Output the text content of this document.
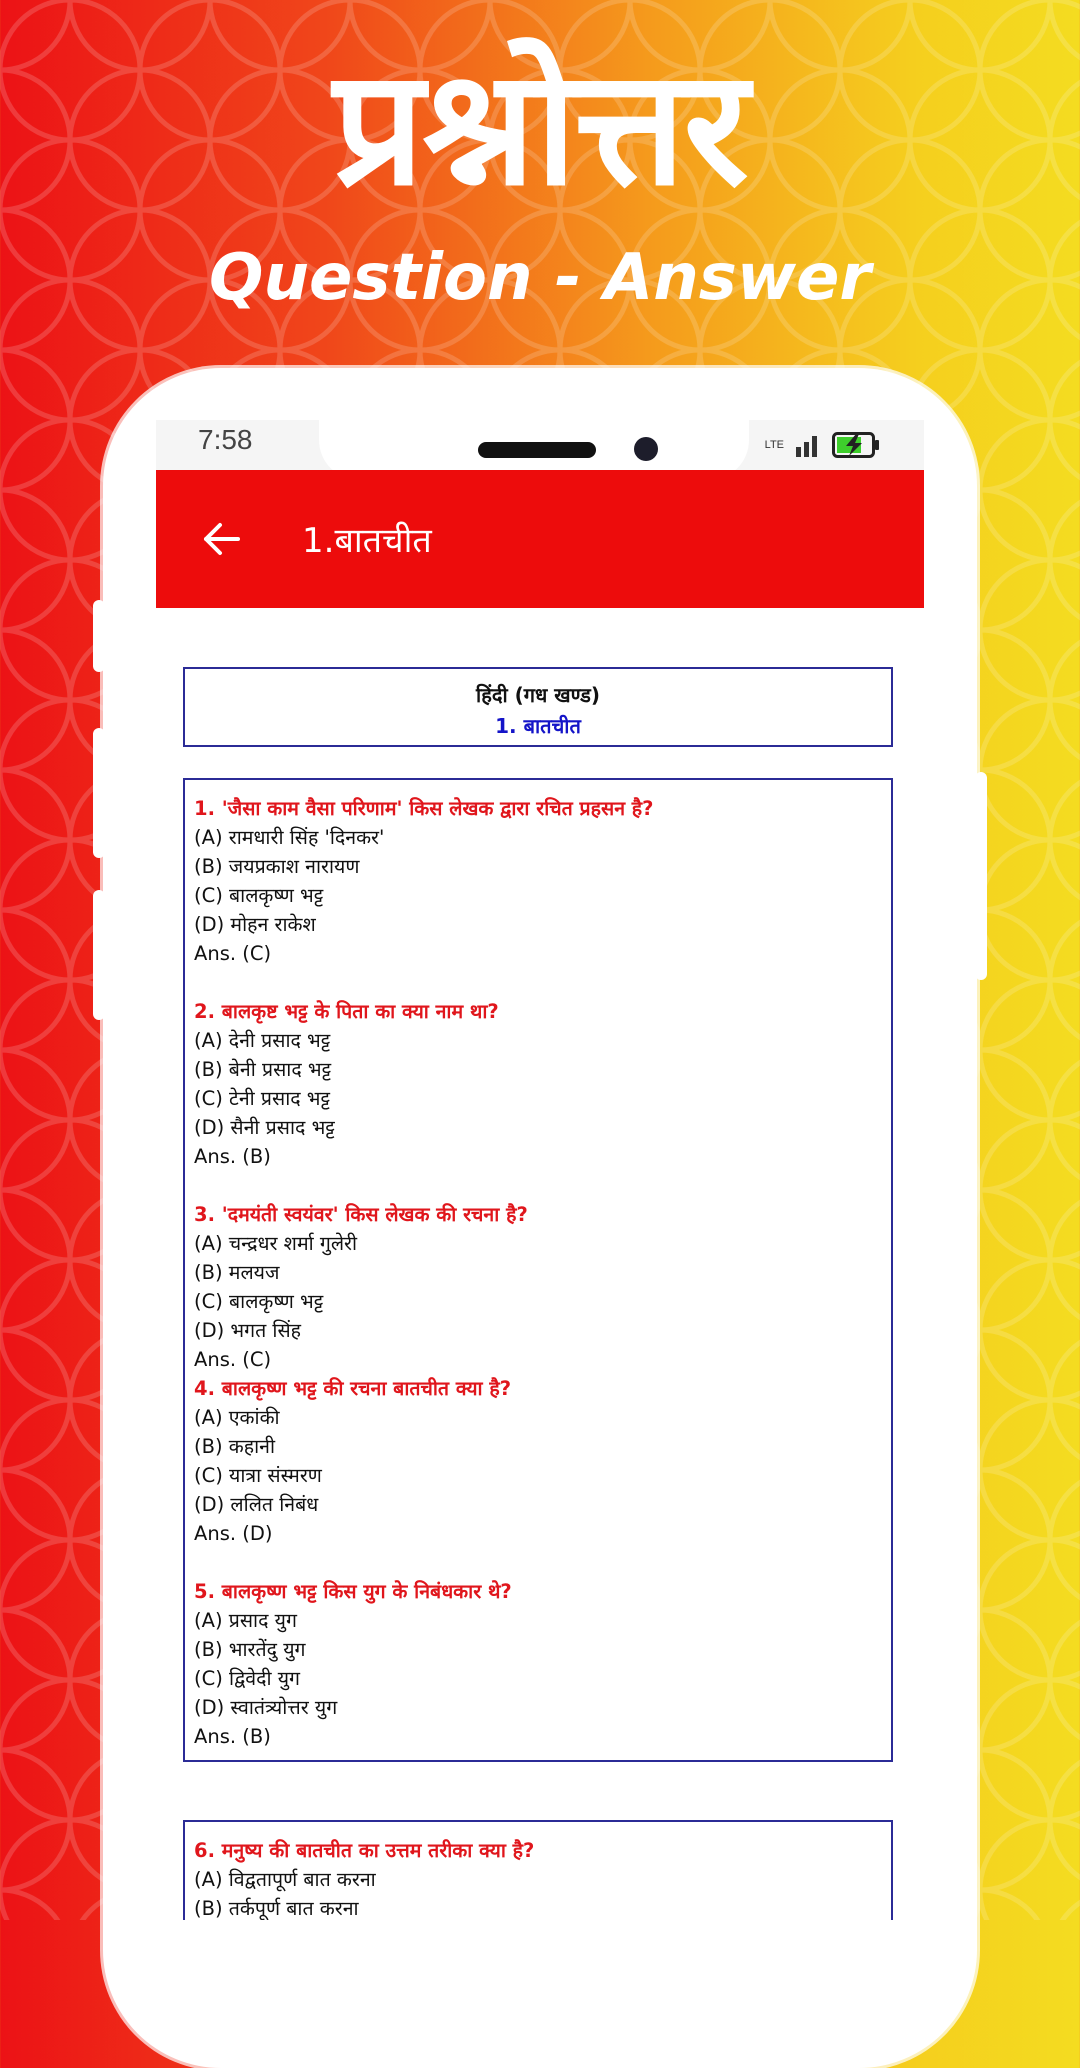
प्रश्नोत्तर
Question - Answer
7:58	LTE
1.बातचीत
हिंदी (गध खण्ड)
1. बातचीत
1. 'जैसा काम वैसा परिणाम' किस लेखक द्वारा रचित प्रहसन है?
(A) रामधारी सिंह 'दिनकर'
(B) जयप्रकाश नारायण
(C) बालकृष्ण भट्ट
(D) मोहन राकेश
Ans. (C)
2. बालकृष्ट भट्ट के पिता का क्या नाम था?
(A) देनी प्रसाद भट्ट
(B) बेनी प्रसाद भट्ट
(C) टेनी प्रसाद भट्ट
(D) सैनी प्रसाद भट्ट
Ans. (B)
3. 'दमयंती स्वयंवर' किस लेखक की रचना है?
(A) चन्द्रधर शर्मा गुलेरी
(B) मलयज
(C) बालकृष्ण भट्ट
(D) भगत सिंह
Ans. (C)
4. बालकृष्ण भट्ट की रचना बातचीत क्या है?
(A) एकांकी
(B) कहानी
(C) यात्रा संस्मरण
(D) ललित निबंध
Ans. (D)
5. बालकृष्ण भट्ट किस युग के निबंधकार थे?
(A) प्रसाद युग
(B) भारतेंदु युग
(C) द्विवेदी युग
(D) स्वातंत्र्योत्तर युग
Ans. (B)
6. मनुष्य की बातचीत का उत्तम तरीका क्या है?
(A) विद्वतापूर्ण बात करना
(B) तर्कपूर्ण बात करना
